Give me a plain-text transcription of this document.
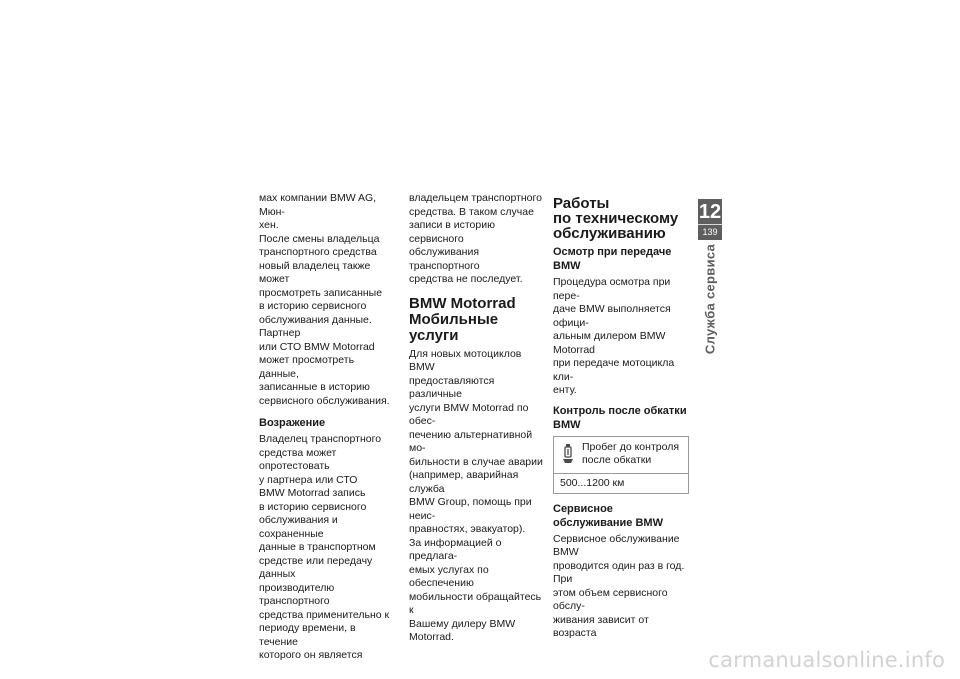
мах компании BMW AG, Мюн-
хен.

После смены владельца
транспортного средства
новый владелец также может
просмотреть записанные
в историю сервисного
обслуживания данные. Партнер
или СТО BMW Motorrad
может просмотреть данные,
записанные в историю
сервисного обслуживания.

Возражение

Владелец транспортного
средства может опротестовать
у партнера или СТО
BMW Motorrad запись
в историю сервисного
обслуживания и сохраненные
данные в транспортном
средстве или передачу данных
производителю транспортного
средства применительно к
периоду времени, в течение
которого он является

владельцем транспортного
средства. В таком случае
записи в историю сервисного
обслуживания транспортного
средства не последует.

BMW Motorrad
Мобильные услуги

Для новых мотоциклов BMW
предоставляются различные
услуги BMW Motorrad по обес-
печению альтернативной мо-
бильности в случае аварии
(например, аварийная служба
BMW Group, помощь при неис-
правностях, эвакуатор).

За информацией о предлага-
емых услугах по обеспечению
мобильности обращайтесь к
Вашему дилеру BMW Motorrad.

Работы
по техническому
обслуживанию
Осмотр при передаче
BMW

Процедура осмотра при пере-
даче BMW выполняется офици-
альным дилером BMW Motorrad
при передаче мотоцикла кли-
енту.

Контроль после обкатки
BMW
Пробег до контроля
после обкатки
500...1200 км
Сервисное
обслуживание BMW

Сервисное обслуживание BMW
проводится один раз в год. При
этом объем сервисного обслу-
живания зависит от возраста

12
139
Служба сервиса
carmanualsonline.info
